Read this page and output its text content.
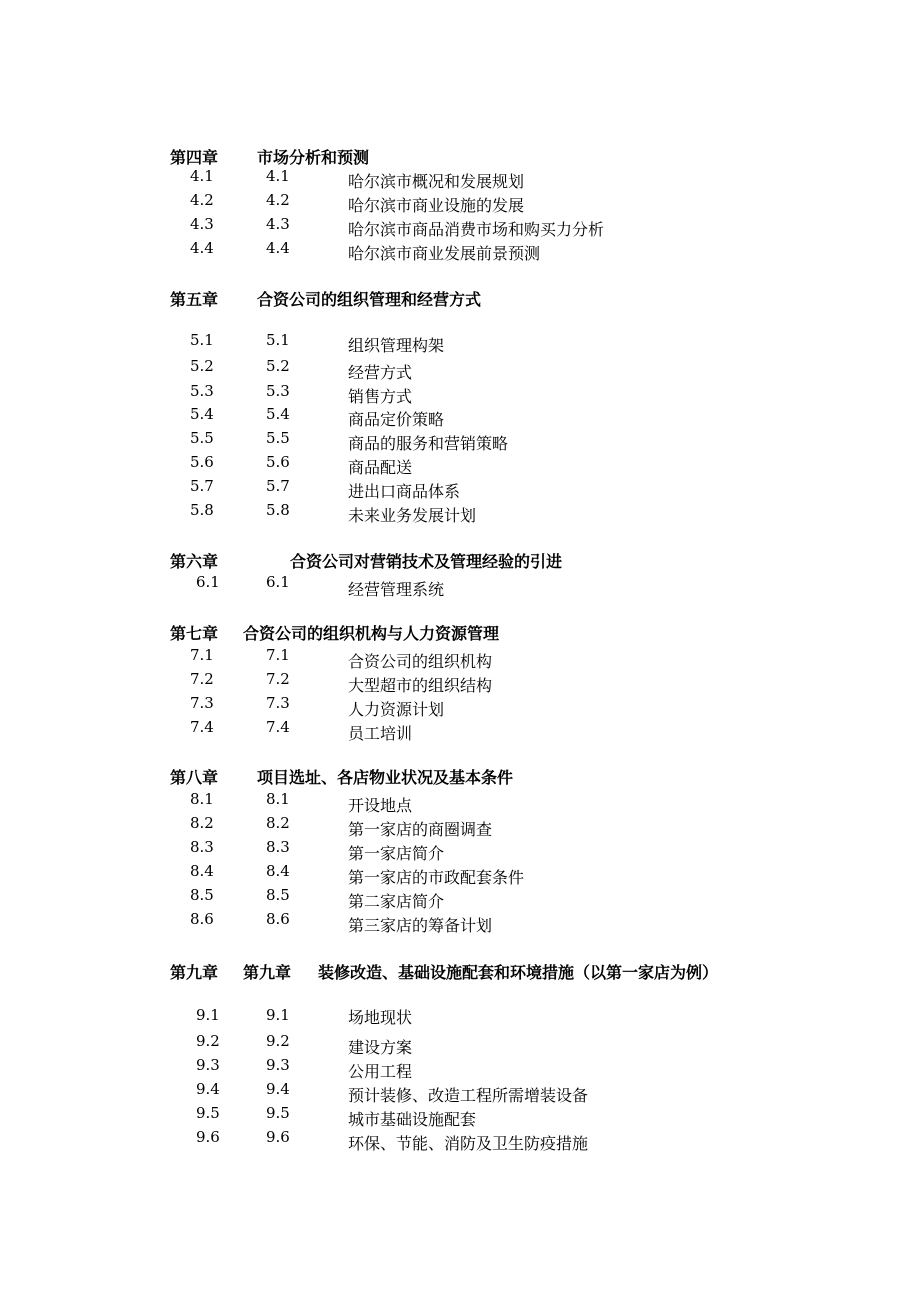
第四章 市场分析和预测
4.1	4.1	哈尔滨市概况和发展规划
4.2	4.2	哈尔滨市商业设施的发展
4.3	4.3	哈尔滨市商品消费市场和购买力分析
4.4	4.4	哈尔滨市商业发展前景预测
第五章 合资公司的组织管理和经营方式
5.1	5.1	组织管理构架
5.2	5.2	经营方式
5.3	5.3	销售方式
5.4	5.4	商品定价策略
5.5	5.5	商品的服务和营销策略
5.6	5.6	商品配送
5.7	5.7	进出口商品体系
5.8	5.8	未来业务发展计划
第六章	合资公司对营销技术及管理经验的引进
6.1	6.1	经营管理系统
第七章 合资公司的组织机构与人力资源管理
7.1	7.1	合资公司的组织机构
7.2	7.2	大型超市的组织结构
7.3	7.3	人力资源计划
7.4	7.4	员工培训
第八章 项目选址、各店物业状况及基本条件
8.1	8.1	开设地点
8.2	8.2	第一家店的商圈调查
8.3	8.3	第一家店简介
8.4	8.4	第一家店的市政配套条件
8.5	8.5	第二家店简介
8.6	8.6	第三家店的筹备计划
第九章 第九章 装修改造、基础设施配套和环境措施（以第一家店为例）
9.1	9.1	场地现状
9.2	9.2	建设方案
9.3	9.3	公用工程
9.4	9.4	预计装修、改造工程所需增装设备
9.5	9.5	城市基础设施配套
9.6	9.6	环保、节能、消防及卫生防疫措施
